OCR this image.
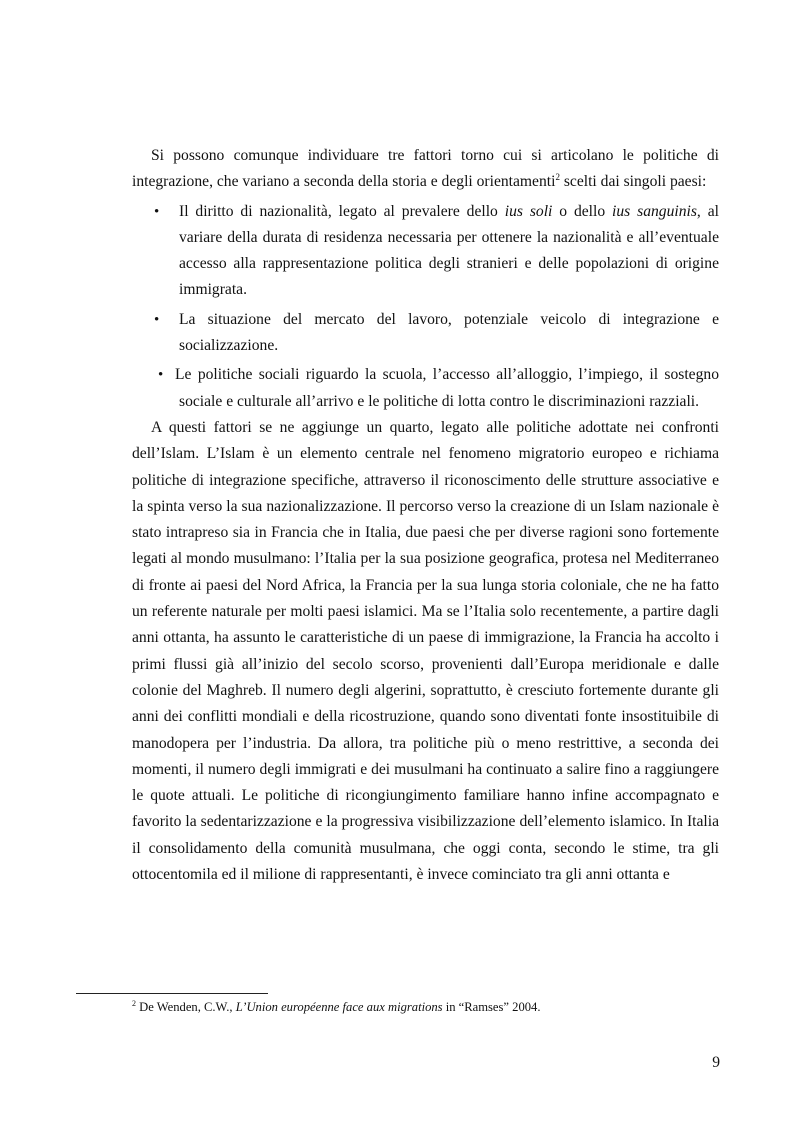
Si possono comunque individuare tre fattori torno cui si articolano le politiche di integrazione, che variano a seconda della storia e degli orientamenti$^2$ scelti dai singoli paesi:

• Il diritto di nazionalità, legato al prevalere dello ius soli o dello ius sanguinis, al variare della durata di residenza necessaria per ottenere la nazionalità e all’eventuale accesso alla rappresentazione politica degli stranieri e delle popolazioni di origine immigrata.
• La situazione del mercato del lavoro, potenziale veicolo di integrazione e socializzazione.
• Le politiche sociali riguardo la scuola, l’accesso all’alloggio, l’impiego, il sostegno sociale e culturale all’arrivo e le politiche di lotta contro le discriminazioni razziali.

A questi fattori se ne aggiunge un quarto, legato alle politiche adottate nei confronti dell’Islam. L’Islam è un elemento centrale nel fenomeno migratorio europeo e richiama politiche di integrazione specifiche, attraverso il riconoscimento delle strutture associative e la spinta verso la sua nazionalizzazione. Il percorso verso la creazione di un Islam nazionale è stato intrapreso sia in Francia che in Italia, due paesi che per diverse ragioni sono fortemente legati al mondo musulmano: l’Italia per la sua posizione geografica, protesa nel Mediterraneo di fronte ai paesi del Nord Africa, la Francia per la sua lunga storia coloniale, che ne ha fatto un referente naturale per molti paesi islamici. Ma se l’Italia solo recentemente, a partire dagli anni ottanta, ha assunto le caratteristiche di un paese di immigrazione, la Francia ha accolto i primi flussi già all’inizio del secolo scorso, provenienti dall’Europa meridionale e dalle colonie del Maghreb. Il numero degli algerini, soprattutto, è cresciuto fortemente durante gli anni dei conflitti mondiali e della ricostruzione, quando sono diventati fonte insostituibile di manodopera per l’industria. Da allora, tra politiche più o meno restrittive, a seconda dei momenti, il numero degli immigrati e dei musulmani ha continuato a salire fino a raggiungere le quote attuali. Le politiche di ricongiungimento familiare hanno infine accompagnato e favorito la sedentarizzazione e la progressiva visibilizzazione dell’elemento islamico. In Italia il consolidamento della comunità musulmana, che oggi conta, secondo le stime, tra gli ottocentomila ed il milione di rappresentanti, è invece cominciato tra gli anni ottanta e

$^2$ De Wenden, C.W., L’Union européenne face aux migrations in “Ramses” 2004.
9
